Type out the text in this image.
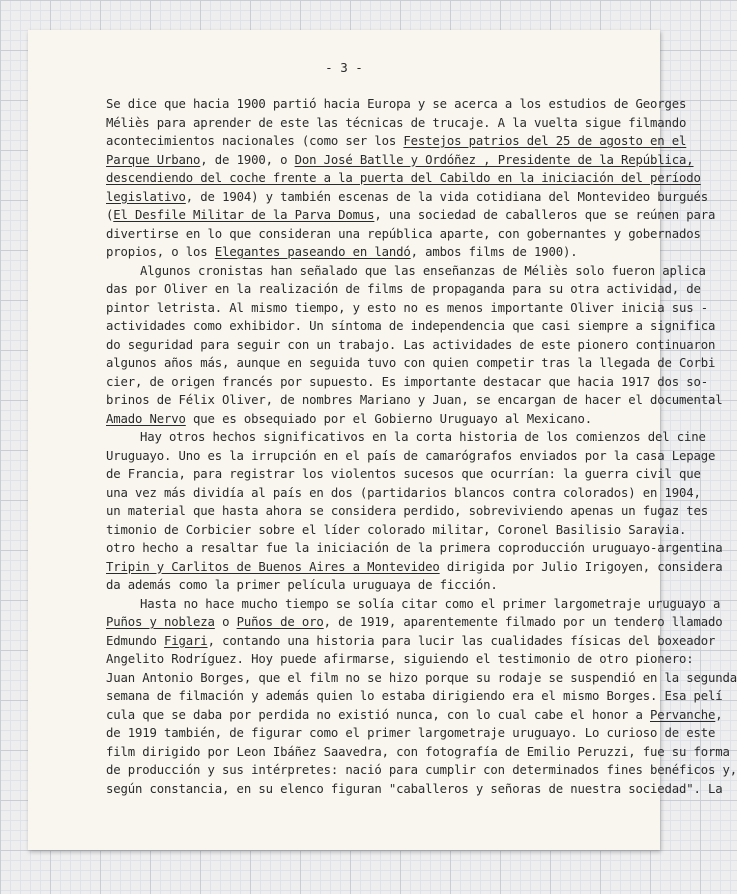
- 3 -
Se dice que hacia 1900 partió hacia Europa y se acerca a los estudios de Georges
Méliès para aprender de este las técnicas de trucaje. A la vuelta sigue filmando
acontecimientos nacionales (como ser los Festejos patrios del 25 de agosto en el
Parque Urbano, de 1900, o Don José Batlle y Ordóñez , Presidente de la República,
descendiendo del coche frente a la puerta del Cabildo en la iniciación del período
legislativo, de 1904) y también escenas de la vida cotidiana del Montevideo burgués
(El Desfile Militar de la Parva Domus, una sociedad de caballeros que se reúnen para
divertirse en lo que consideran una república aparte, con gobernantes y gobernados
propios, o los Elegantes paseando en landó, ambos films de 1900).
Algunos cronistas han señalado que las enseñanzas de Méliès solo fueron aplica
das por Oliver en la realización de films de propaganda para su otra actividad, de
pintor letrista. Al mismo tiempo, y esto no es menos importante Oliver inicia sus -
actividades como exhibidor. Un síntoma de independencia que casi siempre a significa
do seguridad para seguir con un trabajo. Las actividades de este pionero continuaron
algunos años más, aunque en seguida tuvo con quien competir tras la llegada de Corbi
cier, de origen francés por supuesto. Es importante destacar que hacia 1917 dos so-
brinos de Félix Oliver, de nombres Mariano y Juan, se encargan de hacer el documental
Amado Nervo que es obsequiado por el Gobierno Uruguayo al Mexicano.
Hay otros hechos significativos en la corta historia de los comienzos del cine
Uruguayo. Uno es la irrupción en el país de camarógrafos enviados por la casa Lepage
de Francia, para registrar los violentos sucesos que ocurrían: la guerra civil que
una vez más dividía al país en dos (partidarios blancos contra colorados) en 1904,
un material que hasta ahora se considera perdido, sobreviviendo apenas un fugaz tes
timonio de Corbicier sobre el líder colorado militar, Coronel Basilisio Saravia.
otro hecho a resaltar fue la iniciación de la primera coproducción uruguayo-argentina
Tripin y Carlitos de Buenos Aires a Montevideo dirigida por Julio Irigoyen, considera
da además como la primer película uruguaya de ficción.
Hasta no hace mucho tiempo se solía citar como el primer largometraje uruguayo a
Puños y nobleza o Puños de oro, de 1919, aparentemente filmado por un tendero llamado
Edmundo Figari, contando una historia para lucir las cualidades físicas del boxeador
Angelito Rodríguez. Hoy puede afirmarse, siguiendo el testimonio de otro pionero:
Juan Antonio Borges, que el film no se hizo porque su rodaje se suspendió en la segunda
semana de filmación y además quien lo estaba dirigiendo era el mismo Borges. Esa pelí
cula que se daba por perdida no existió nunca, con lo cual cabe el honor a Pervanche,
de 1919 también, de figurar como el primer largometraje uruguayo. Lo curioso de este
film dirigido por Leon Ibáñez Saavedra, con fotografía de Emilio Peruzzi, fue su forma
de producción y sus intérpretes: nació para cumplir con determinados fines benéficos y,
según constancia, en su elenco figuran "caballeros y señoras de nuestra sociedad". La
